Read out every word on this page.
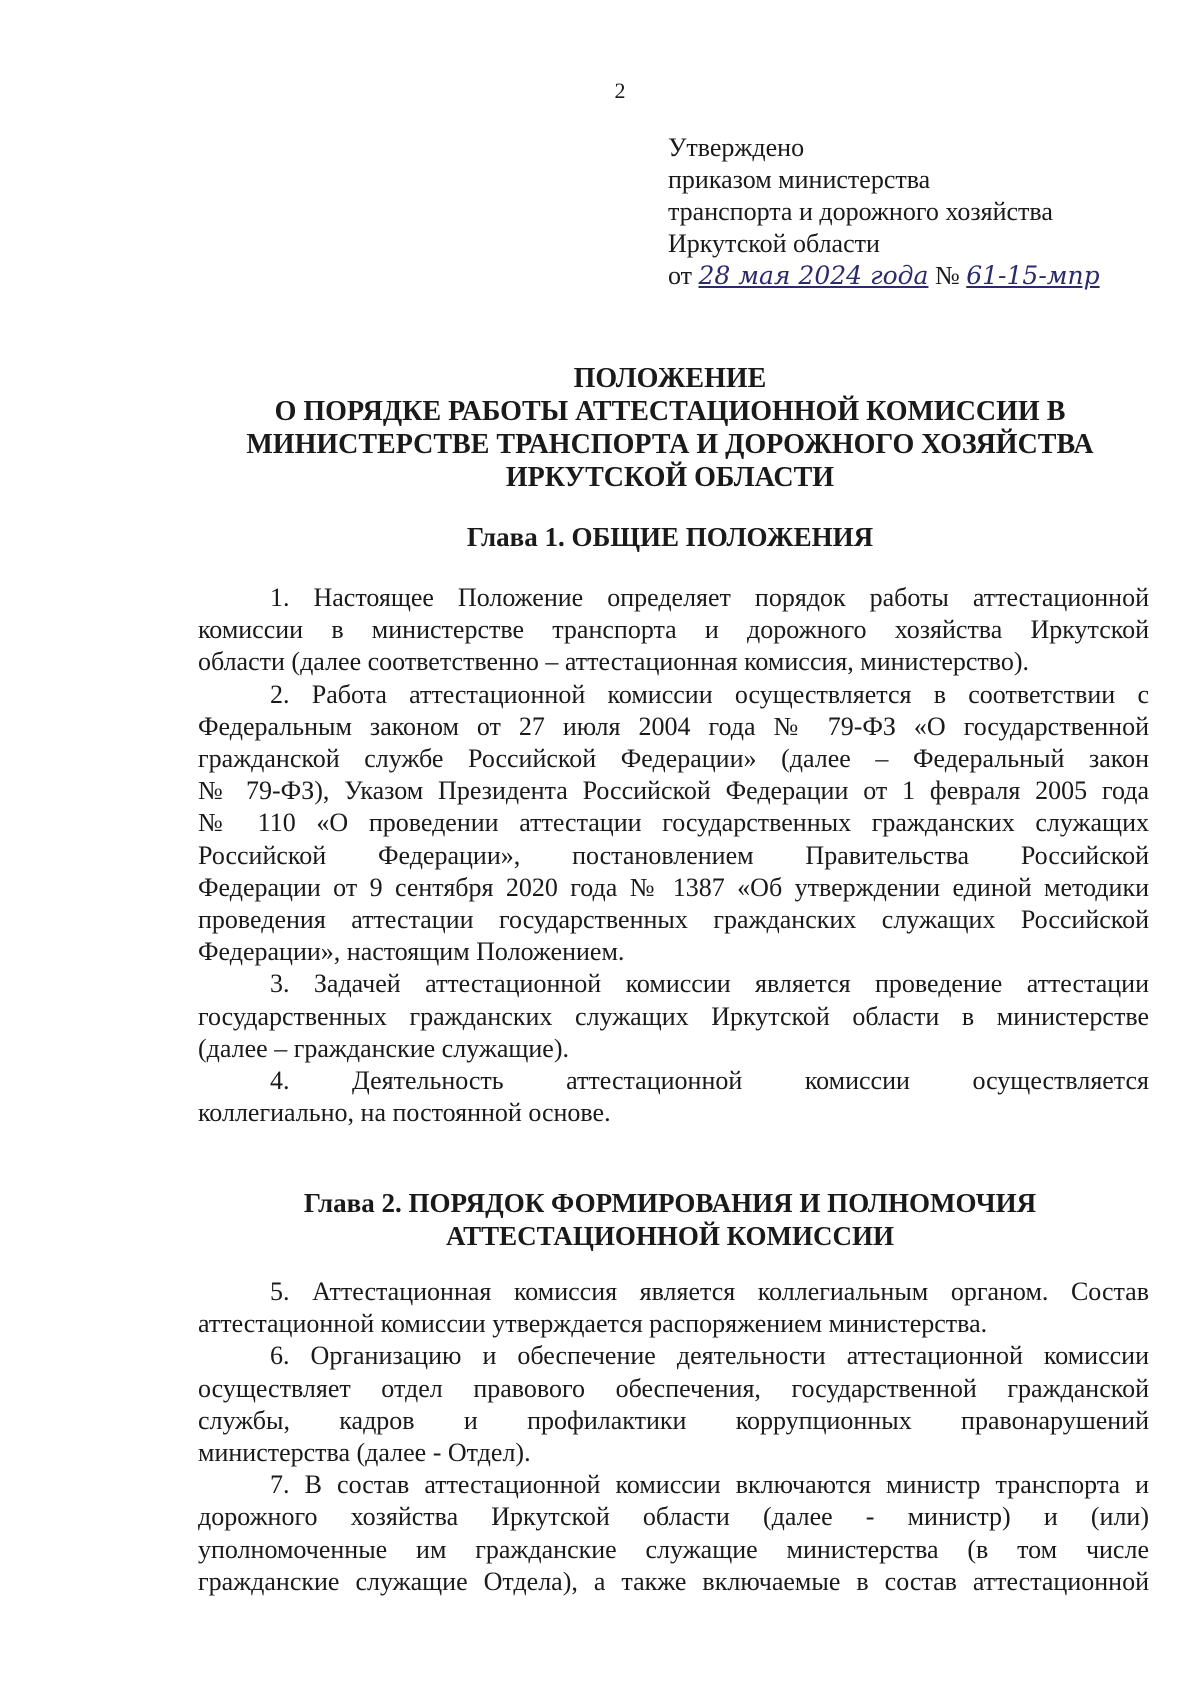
2
Утверждено
приказом министерства
транспорта и дорожного хозяйства
Иркутской области
от 28 мая 2024 года № 61-15-мпр
ПОЛОЖЕНИЕ
О ПОРЯДКЕ РАБОТЫ АТТЕСТАЦИОННОЙ КОМИССИИ В
МИНИСТЕРСТВЕ ТРАНСПОРТА И ДОРОЖНОГО ХОЗЯЙСТВА
ИРКУТСКОЙ ОБЛАСТИ
Глава 1. ОБЩИЕ ПОЛОЖЕНИЯ
1. Настоящее Положение определяет порядок работы аттестационной
комиссии в министерстве транспорта и дорожного хозяйства Иркутской
области (далее соответственно – аттестационная комиссия, министерство).
2. Работа аттестационной комиссии осуществляется в соответствии с
Федеральным законом от 27 июля 2004 года № 79-ФЗ «О государственной
гражданской службе Российской Федерации» (далее – Федеральный закон
№ 79-ФЗ), Указом Президента Российской Федерации от 1 февраля 2005 года
№ 110 «О проведении аттестации государственных гражданских служащих
Российской Федерации», постановлением Правительства Российской
Федерации от 9 сентября 2020 года № 1387 «Об утверждении единой методики
проведения аттестации государственных гражданских служащих Российской
Федерации», настоящим Положением.
3. Задачей аттестационной комиссии является проведение аттестации
государственных гражданских служащих Иркутской области в министерстве
(далее – гражданские служащие).
4. Деятельность аттестационной комиссии осуществляется
коллегиально, на постоянной основе.
Глава 2. ПОРЯДОК ФОРМИРОВАНИЯ И ПОЛНОМОЧИЯ
АТТЕСТАЦИОННОЙ КОМИССИИ
5. Аттестационная комиссия является коллегиальным органом. Состав
аттестационной комиссии утверждается распоряжением министерства.
6. Организацию и обеспечение деятельности аттестационной комиссии
осуществляет отдел правового обеспечения, государственной гражданской
службы, кадров и профилактики коррупционных правонарушений
министерства (далее - Отдел).
7. В состав аттестационной комиссии включаются министр транспорта и
дорожного хозяйства Иркутской области (далее - министр) и (или)
уполномоченные им гражданские служащие министерства (в том числе
гражданские служащие Отдела), а также включаемые в состав аттестационной
